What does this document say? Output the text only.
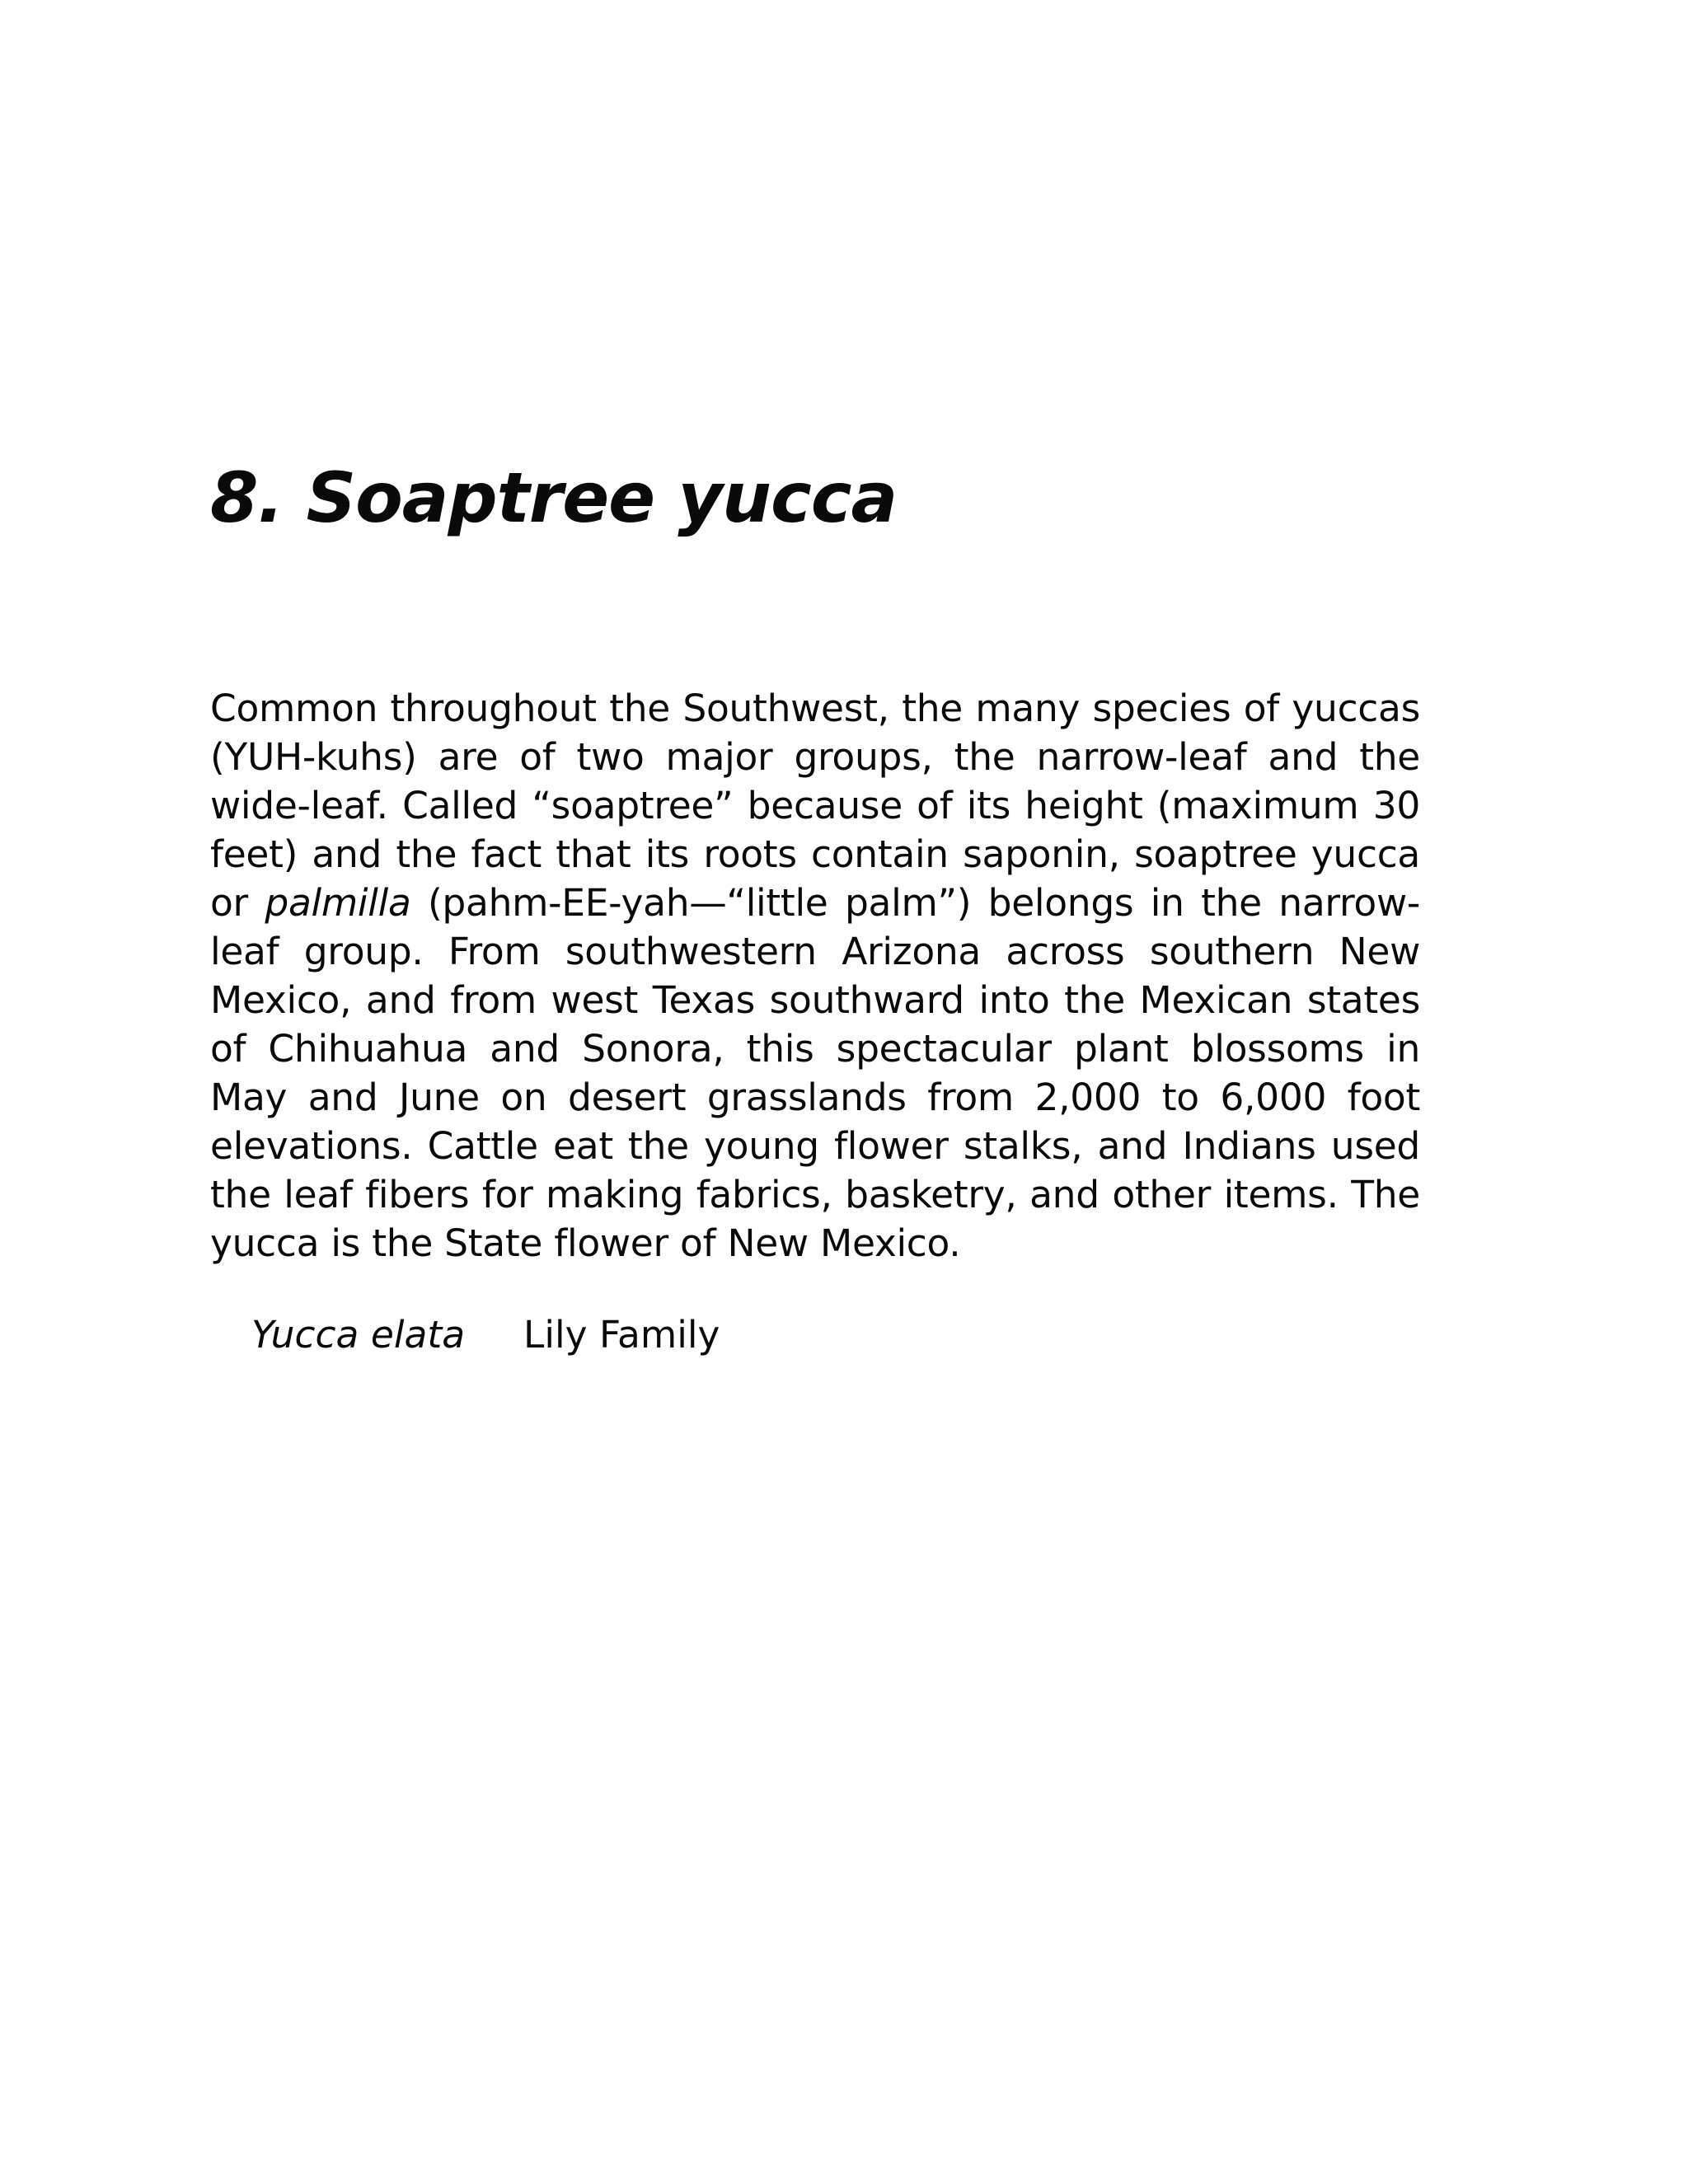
8. Soaptree yucca

Common throughout the Southwest, the many species of yuccas (YUH-kuhs) are of two major groups, the narrow-leaf and the wide-leaf. Called “soaptree” because of its height (maximum 30 feet) and the fact that its roots contain saponin, soaptree yucca or palmilla (pahm-EE-yah—“little palm”) belongs in the narrow-leaf group. From southwestern Arizona across southern New Mexico, and from west Texas southward into the Mexican states of Chihuahua and Sonora, this spectacular plant blossoms in May and June on desert grasslands from 2,000 to 6,000 foot elevations. Cattle eat the young flower stalks, and Indians used the leaf fibers for making fabrics, basketry, and other items. The yucca is the State flower of New Mexico.

Yucca elata Lily Family
